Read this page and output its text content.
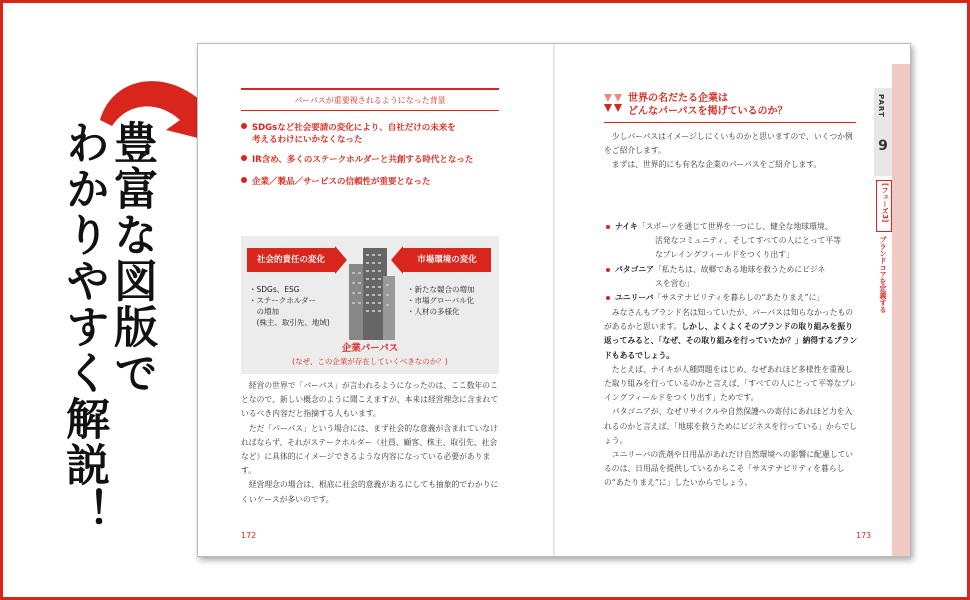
豊富な図版で
わかりやすく解説！
パーパスが重要視されるようになった背景
SDGsなど社会要請の変化により、自社だけの未来を
考えるわけにいかなくなった
IR含め、多くのステークホルダーと共創する時代となった
企業／製品／サービスの信頼性が重要となった
社会的責任の変化	市場環境の変化
・SDGs、ESG
・ステークホルダー
　の増加
　(株主、取引先、地域)
・新たな競合の増加
・市場グローバル化
・人材の多様化
企業パーパス
(なぜ、この企業が存在していくべきなのか？)

経営の世界で「パーパス」が言われるようになったのは、ここ数年のことなので、新しい概念のように聞こえますが、本来は経営理念に含まれているべき内容だと指摘する人もいます。

ただ「パーパス」という場合には、まず社会的な意義が含まれていなければならず、それがステークホルダー（社員、顧客、株主、取引先、社会など）に具体的にイメージできるような内容になっている必要があります。

経営理念の場合は、根底に社会的意義があるにしても抽象的でわかりにくいケースが多いのです。

172
世界の名だたる企業は
どんなパーパスを掲げているのか？

少しパーパスはイメージしにくいものかと思いますので、いくつか例をご紹介します。

まずは、世界的にも有名な企業のパーパスをご紹介します。

ナイキ「スポーツを通じて世界を一つにし、健全な地球環境、
活発なコミュニティ、そしてすべての人にとって平等
なプレイングフィールドをつくり出す」
パタゴニア「私たちは、故郷である地球を救うためにビジネ
スを営む」
ユニリーバ「サステナビリティを暮らしの“あたりまえ”に」

みなさんもブランド名は知っていたが、パーパスは知らなかったものがあるかと思います。しかし、よくよくそのブランドの取り組みを振り返ってみると、「なぜ、その取り組みを行っていたか？」納得するブランドもあるでしょう。

たとえば、ナイキが人種問題をはじめ、なぜあれほど多様性を重視した取り組みを行っているのかと言えば、「すべての人にとって平等なプレイングフィールドをつくり出す」ためです。

パタゴニアが、なぜリサイクルや自然保護への寄付にあれほど力を入れるのかと言えば、「地球を救うためにビジネスを行っている」からでしょう。

ユニリーバの洗剤や日用品があれだけ自然環境への影響に配慮しているのは、日用品を提供しているからこそ「サステナビリティを暮らしの“あたりまえ”に」したいからでしょう。

173
PART
9
[フェーズ3]
ブランドコアを定義する
